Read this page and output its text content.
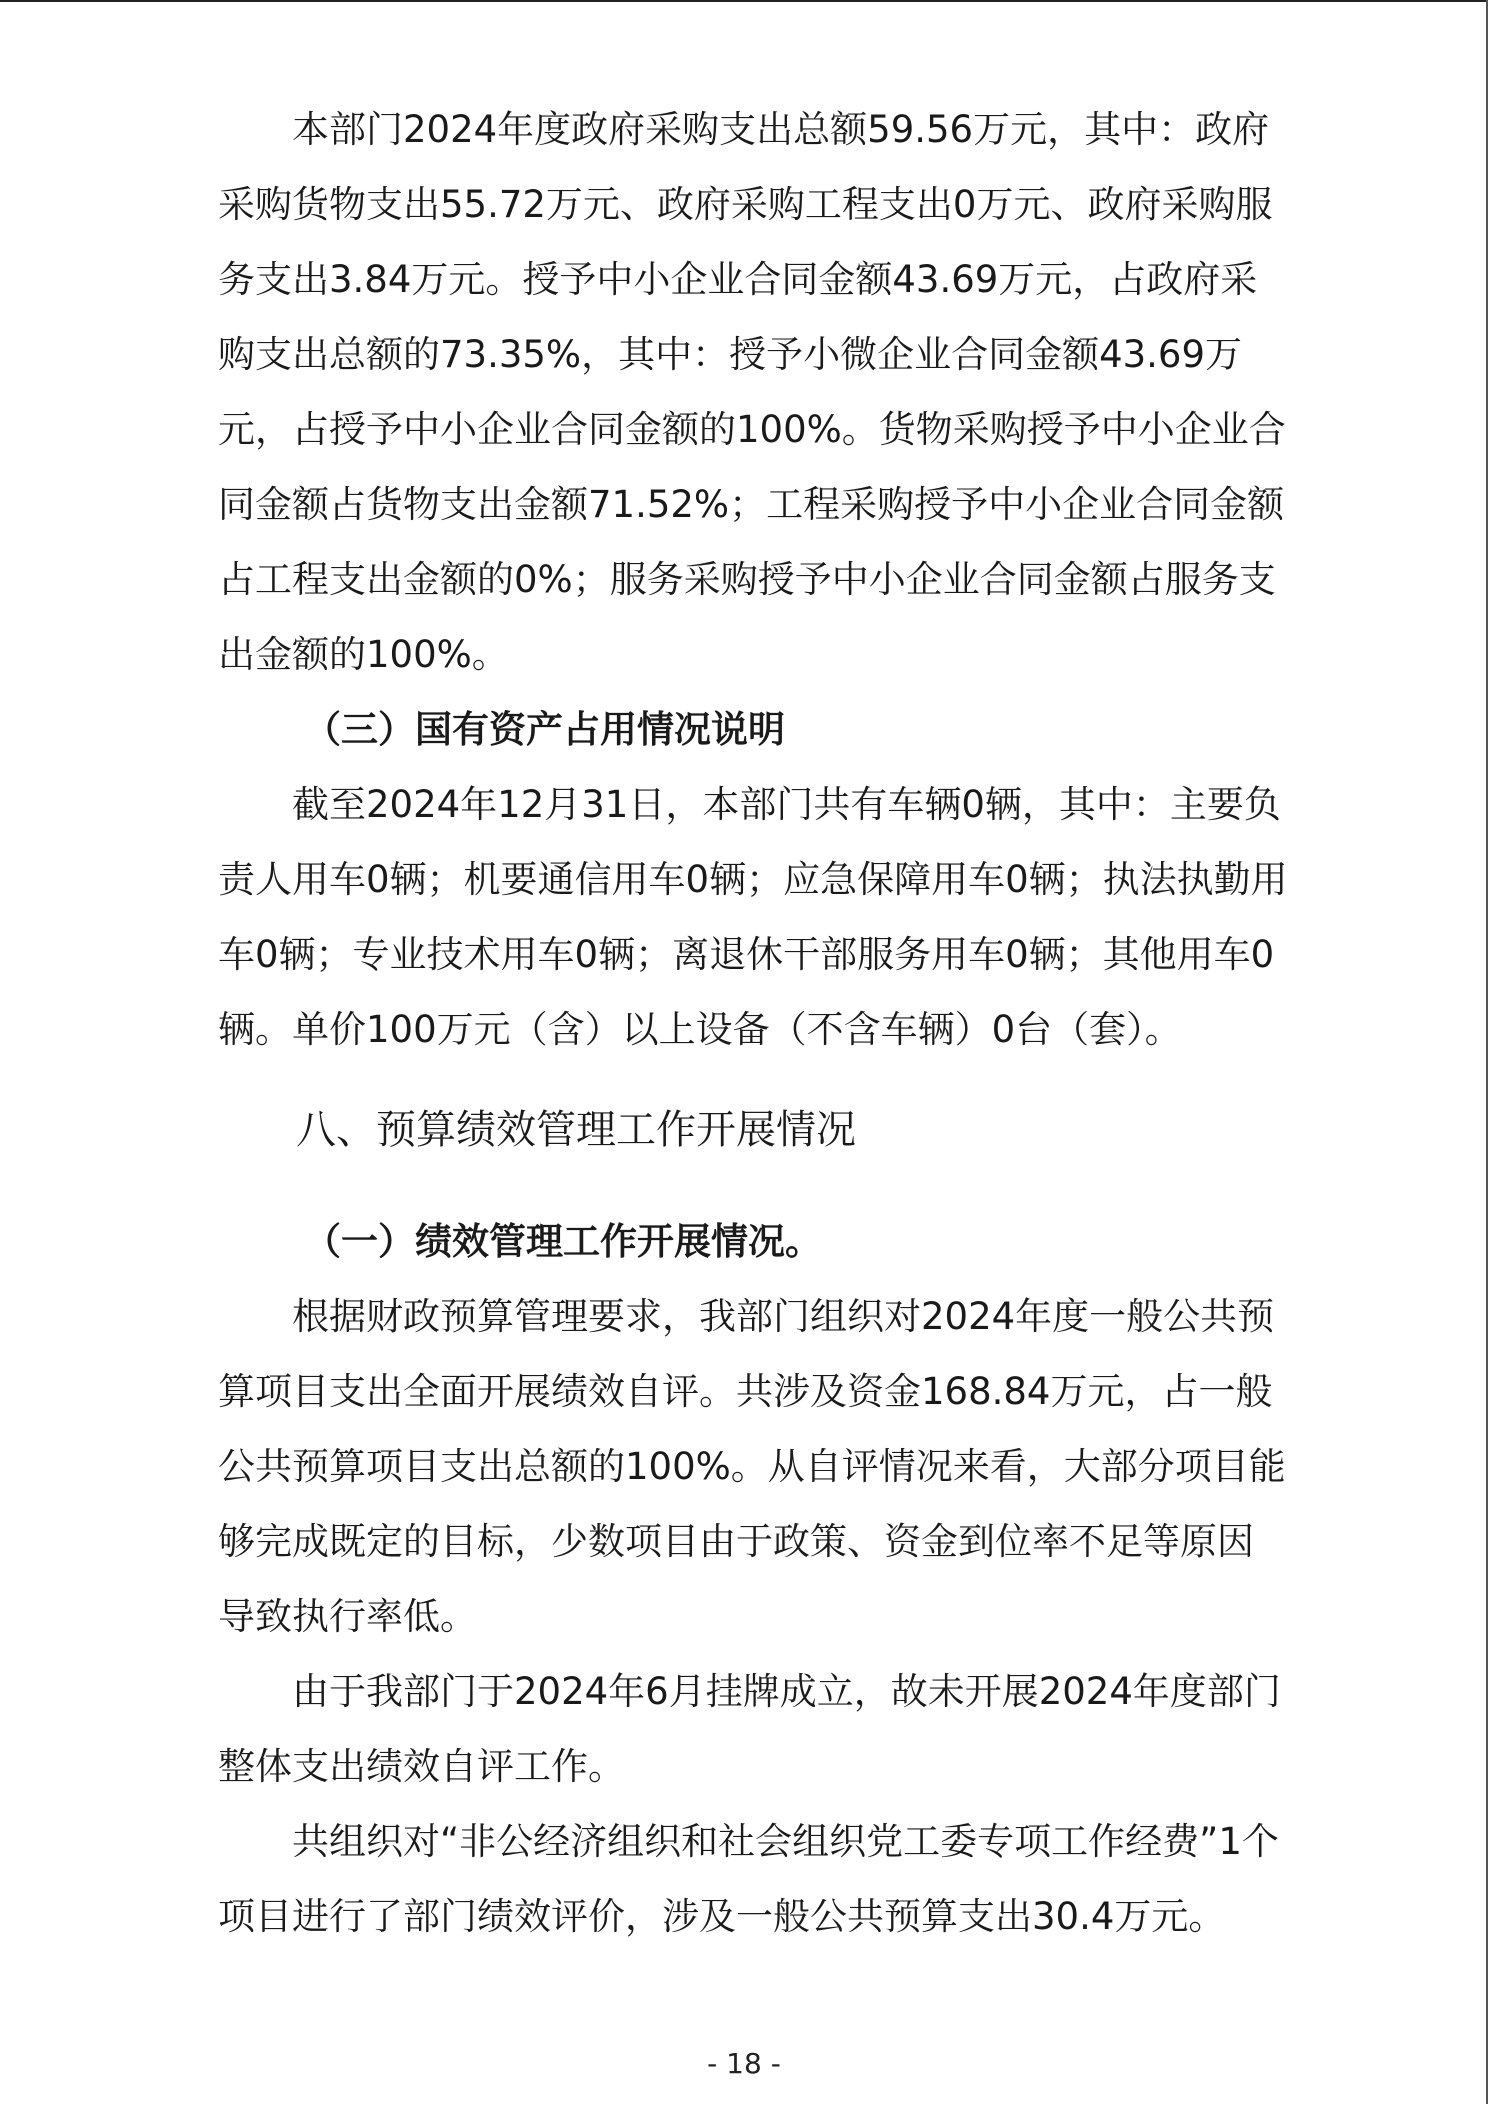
本部门2024年度政府采购支出总额59.56万元，其中：政府采购货物支出55.72万元、政府采购工程支出0万元、政府采购服务支出3.84万元。授予中小企业合同金额43.69万元，占政府采购支出总额的73.35%，其中：授予小微企业合同金额43.69万元，占授予中小企业合同金额的100%。货物采购授予中小企业合同金额占货物支出金额71.52%；工程采购授予中小企业合同金额占工程支出金额的0%；服务采购授予中小企业合同金额占服务支出金额的100%。

（三）国有资产占用情况说明

截至2024年12月31日，本部门共有车辆0辆，其中：主要负责人用车0辆；机要通信用车0辆；应急保障用车0辆；执法执勤用车0辆；专业技术用车0辆；离退休干部服务用车0辆；其他用车0辆。单价100万元（含）以上设备（不含车辆）0台（套）。

八、预算绩效管理工作开展情况

（一）绩效管理工作开展情况。

根据财政预算管理要求，我部门组织对2024年度一般公共预算项目支出全面开展绩效自评。共涉及资金168.84万元，占一般公共预算项目支出总额的100%。从自评情况来看，大部分项目能够完成既定的目标，少数项目由于政策、资金到位率不足等原因导致执行率低。

由于我部门于2024年6月挂牌成立，故未开展2024年度部门整体支出绩效自评工作。

共组织对“非公经济组织和社会组织党工委专项工作经费”1个项目进行了部门绩效评价，涉及一般公共预算支出30.4万元。

- 18 -
